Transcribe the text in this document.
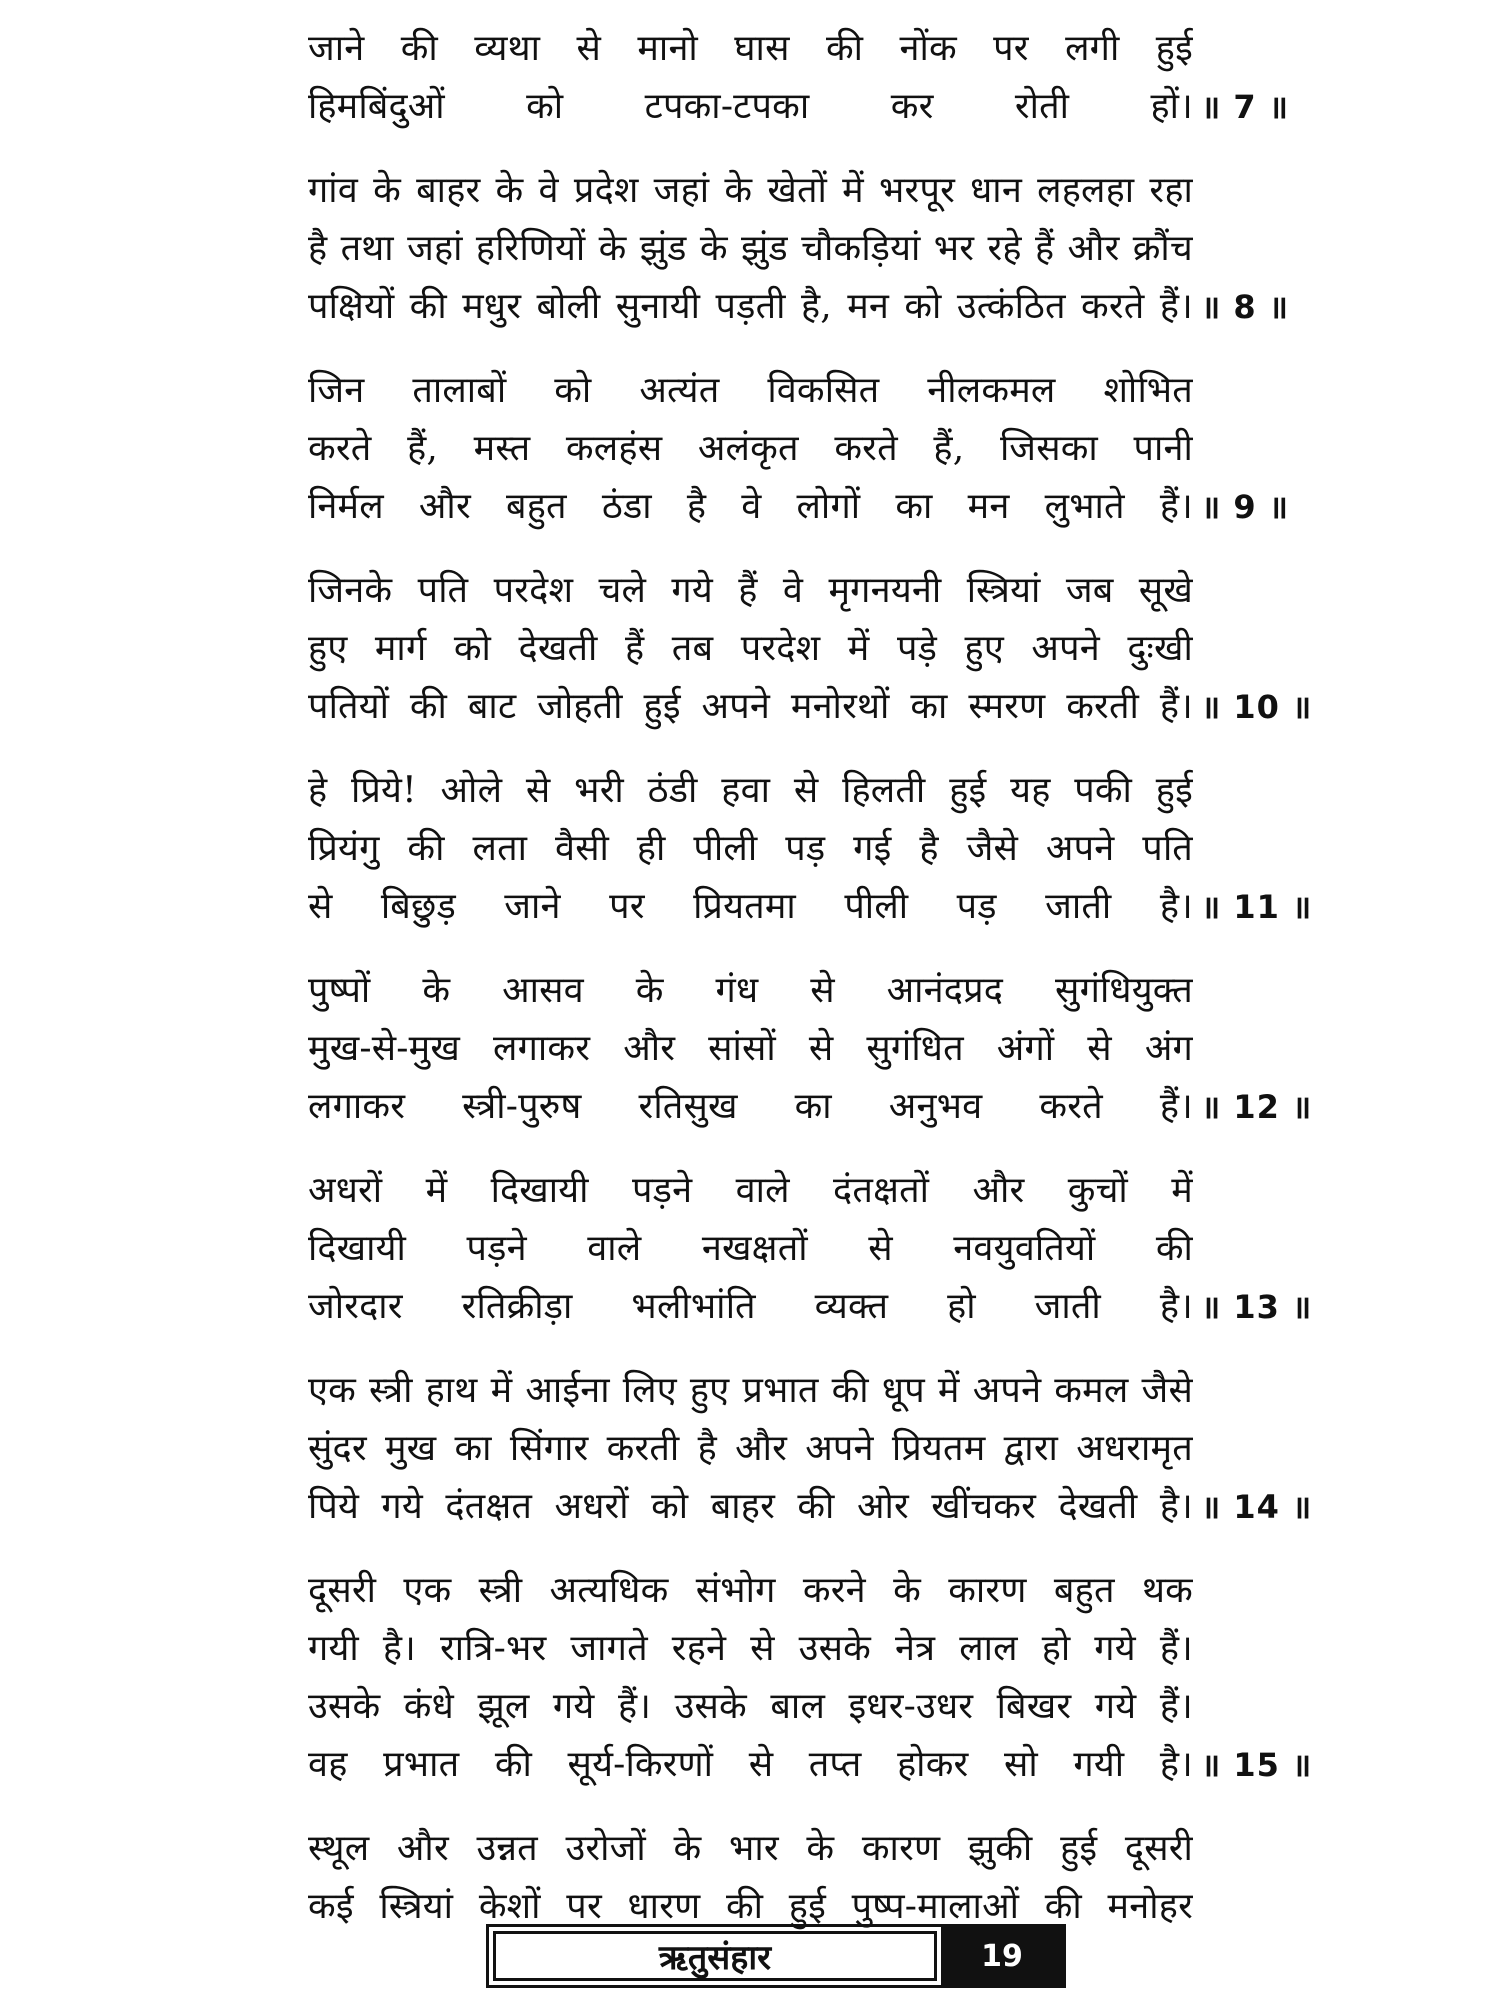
जाने की व्यथा से मानो घास की नोंक पर लगी हुई
हिमबिंदुओं को टपका-टपका कर रोती हों। ॥ 7 ॥
गांव के बाहर के वे प्रदेश जहां के खेतों में भरपूर धान लहलहा रहा
है तथा जहां हरिणियों के झुंड के झुंड चौकड़ियां भर रहे हैं और क्रौंच
पक्षियों की मधुर बोली सुनायी पड़ती है, मन को उत्कंठित करते हैं। ॥ 8 ॥
जिन तालाबों को अत्यंत विकसित नीलकमल शोभित
करते हैं, मस्त कलहंस अलंकृत करते हैं, जिसका पानी
निर्मल और बहुत ठंडा है वे लोगों का मन लुभाते हैं। ॥ 9 ॥
जिनके पति परदेश चले गये हैं वे मृगनयनी स्त्रियां जब सूखे
हुए मार्ग को देखती हैं तब परदेश में पड़े हुए अपने दुःखी
पतियों की बाट जोहती हुई अपने मनोरथों का स्मरण करती हैं। ॥ 10 ॥
हे प्रिये! ओले से भरी ठंडी हवा से हिलती हुई यह पकी हुई
प्रियंगु की लता वैसी ही पीली पड़ गई है जैसे अपने पति
से बिछुड़ जाने पर प्रियतमा पीली पड़ जाती है। ॥ 11 ॥
पुष्पों के आसव के गंध से आनंदप्रद सुगंधियुक्त
मुख-से-मुख लगाकर और सांसों से सुगंधित अंगों से अंग
लगाकर स्त्री-पुरुष रतिसुख का अनुभव करते हैं। ॥ 12 ॥
अधरों में दिखायी पड़ने वाले दंतक्षतों और कुचों में
दिखायी पड़ने वाले नखक्षतों से नवयुवतियों की
जोरदार रतिक्रीड़ा भलीभांति व्यक्त हो जाती है। ॥ 13 ॥
एक स्त्री हाथ में आईना लिए हुए प्रभात की धूप में अपने कमल जैसे
सुंदर मुख का सिंगार करती है और अपने प्रियतम द्वारा अधरामृत
पिये गये दंतक्षत अधरों को बाहर की ओर खींचकर देखती है। ॥ 14 ॥
दूसरी एक स्त्री अत्यधिक संभोग करने के कारण बहुत थक
गयी है। रात्रि-भर जागते रहने से उसके नेत्र लाल हो गये हैं।
उसके कंधे झूल गये हैं। उसके बाल इधर-उधर बिखर गये हैं।
वह प्रभात की सूर्य-किरणों से तप्त होकर सो गयी है। ॥ 15 ॥
स्थूल और उन्नत उरोजों के भार के कारण झुकी हुई दूसरी
कई स्त्रियां केशों पर धारण की हुई पुष्प-मालाओं की मनोहर
ऋतुसंहार	19
